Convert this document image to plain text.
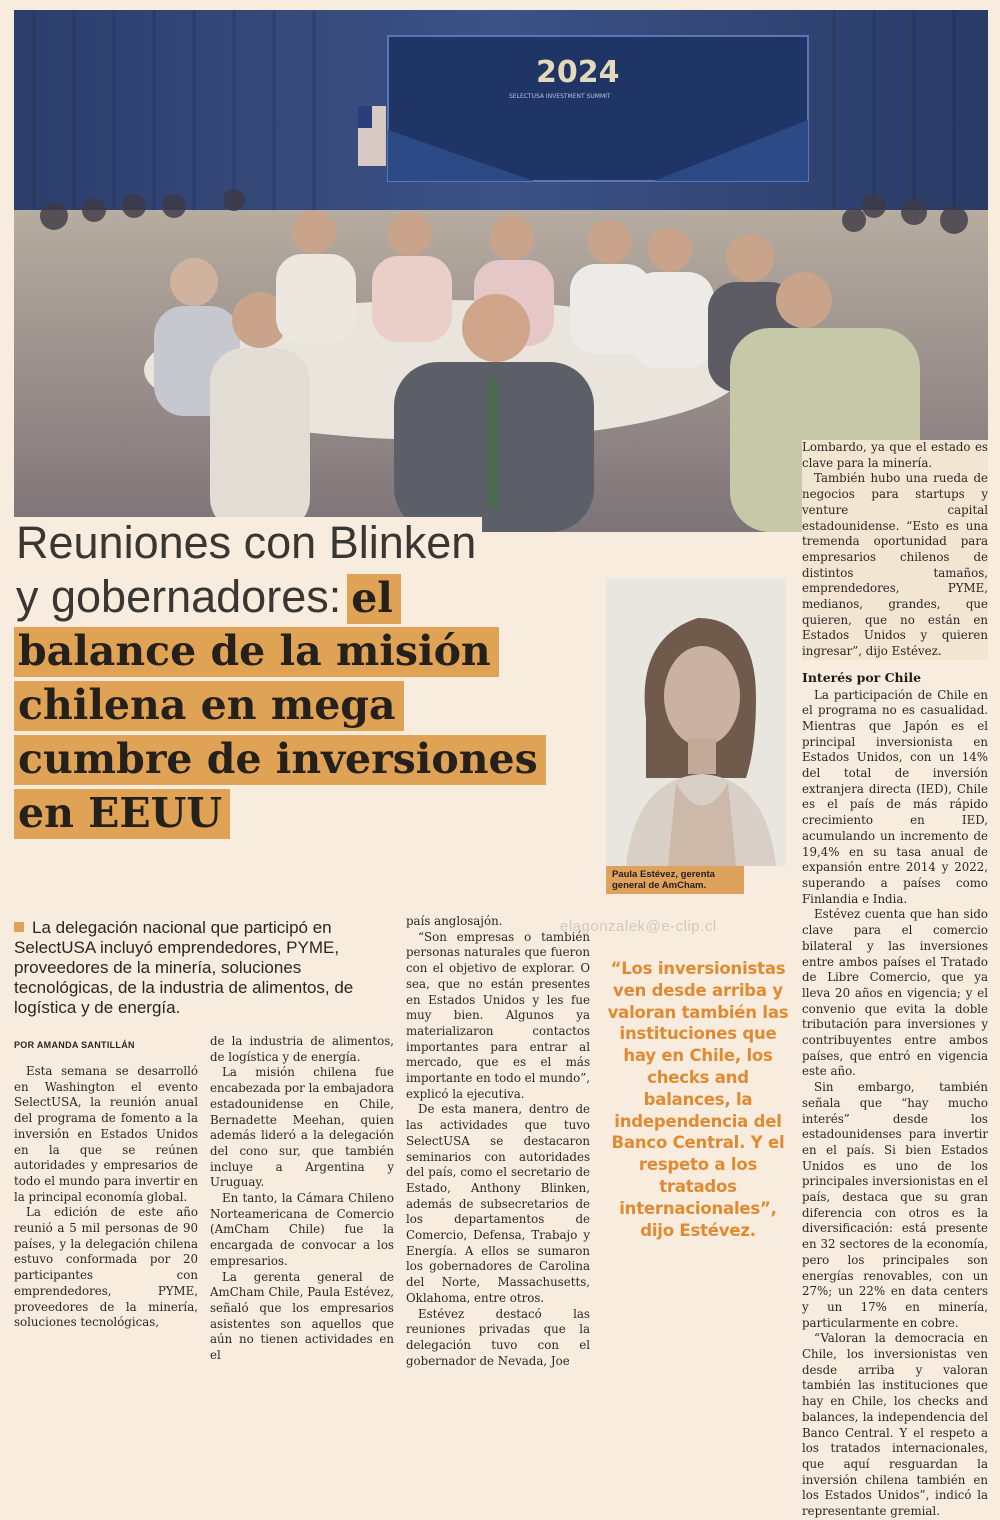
2024
SELECTUSA INVESTMENT SUMMIT
Reuniones con Blinken
y gobernadores: el
balance de la misión
chilena en mega
cumbre de inversiones
en EEUU
Paula Estévez, gerenta
general de AmCham.
La delegación nacional que participó en SelectUSA incluyó emprendedores, PYME, proveedores de la minería, soluciones tecnológicas, de la industria de alimentos, de logística y de energía.
POR AMANDA SANTILLÁN

Esta semana se desarrolló en Washington el evento SelectUSA, la reunión anual del programa de fomento a la inversión en Estados Unidos en la que se reúnen autoridades y empresarios de todo el mundo para invertir en la principal economía global.

La edición de este año reunió a 5 mil personas de 90 países, y la delegación chilena estuvo conformada por 20 participantes con emprendedores, PYME, proveedores de la minería, soluciones tecnológicas,

de la industria de alimentos, de logística y de energía.

La misión chilena fue encabezada por la embajadora estadounidense en Chile, Bernadette Meehan, quien además lideró a la delegación del cono sur, que también incluye a Argentina y Uruguay.

En tanto, la Cámara Chileno Norteamericana de Comercio (AmCham Chile) fue la encargada de convocar a los empresarios.

La gerenta general de AmCham Chile, Paula Estévez, señaló que los empresarios asistentes son aquellos que aún no tienen actividades en el

país anglosajón.

“Son empresas o también personas naturales que fueron con el objetivo de explorar. O sea, que no están presentes en Estados Unidos y les fue muy bien. Algunos ya materializaron contactos importantes para entrar al mercado, que es el más importante en todo el mundo”, explicó la ejecutiva.

De esta manera, dentro de las actividades que tuvo SelectUSA se destacaron seminarios con autoridades del país, como el secretario de Estado, Anthony Blinken, además de subsecretarios de los departamentos de Comercio, Defensa, Trabajo y Energía. A ellos se sumaron los gobernadores de Carolina del Norte, Massachusetts, Oklahoma, entre otros.

Estévez destacó las reuniones privadas que la delegación tuvo con el gobernador de Nevada, Joe

Lombardo, ya que el estado es clave para la minería.

También hubo una rueda de negocios para startups y venture capital estadounidense. “Esto es una tremenda oportunidad para empresarios chilenos de distintos tamaños, emprendedores, PYME, medianos, grandes, que quieren, que no están en Estados Unidos y quieren ingresar”, dijo Estévez.

Interés por Chile

La participación de Chile en el programa no es casualidad. Mientras que Japón es el principal inversionista en Estados Unidos, con un 14% del total de inversión extranjera directa (IED), Chile es el país de más rápido crecimiento en IED, acumulando un incremento de 19,4% en su tasa anual de expansión entre 2014 y 2022, superando a países como Finlandia e India.

Estévez cuenta que han sido clave para el comercio bilateral y las inversiones entre ambos países el Tratado de Libre Comercio, que ya lleva 20 años en vigencia; y el convenio que evita la doble tributación para inversiones y contribuyentes entre ambos países, que entró en vigencia este año.

Sin embargo, también señala que “hay mucho interés” desde los estadounidenses para invertir en el país. Si bien Estados Unidos es uno de los principales inversionistas en el país, destaca que su gran diferencia con otros es la diversificación: está presente en 32 sectores de la economía, pero los principales son energías renovables, con un 27%; un 22% en data centers y un 17% en minería, particularmente en cobre.

“Valoran la democracia en Chile, los inversionistas ven desde arriba y valoran también las instituciones que hay en Chile, los checks and balances, la independencia del Banco Central. Y el respeto a los tratados internacionales, que aquí resguardan la inversión chilena también en los Estados Unidos”, indicó la representante gremial.

“Los inversionistas ven desde arriba y valoran también las instituciones que hay en Chile, los checks and balances, la independencia del Banco Central. Y el respeto a los tratados internacionales”, dijo Estévez.
elagonzalek@e-clip.cl
